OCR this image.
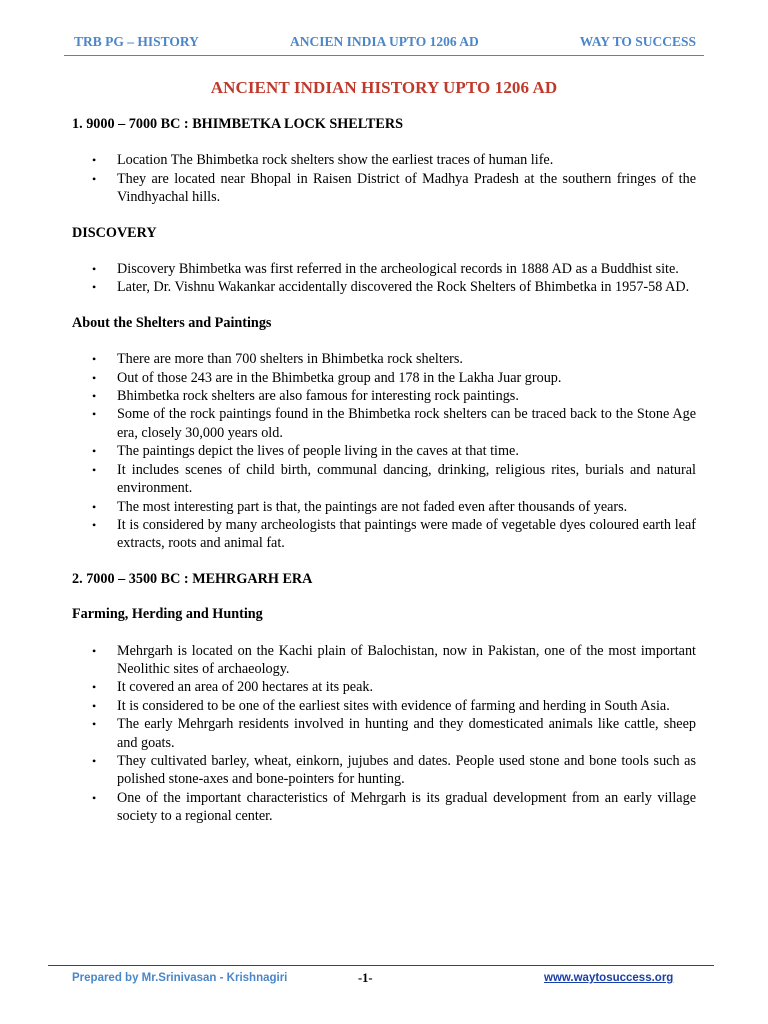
TRB PG – HISTORY	ANCIEN INDIA UPTO 1206 AD	WAY TO SUCCESS
ANCIENT INDIAN HISTORY UPTO 1206 AD

1. 9000 – 7000 BC : BHIMBETKA LOCK SHELTERS

• Location The Bhimbetka rock shelters show the earliest traces of human life.
• They are located near Bhopal in Raisen District of Madhya Pradesh at the southern fringes of the Vindhyachal hills.

DISCOVERY

• Discovery Bhimbetka was first referred in the archeological records in 1888 AD as a Buddhist site.
• Later, Dr. Vishnu Wakankar accidentally discovered the Rock Shelters of Bhimbetka in 1957-58 AD.

About the Shelters and Paintings

• There are more than 700 shelters in Bhimbetka rock shelters.
• Out of those 243 are in the Bhimbetka group and 178 in the Lakha Juar group.
• Bhimbetka rock shelters are also famous for interesting rock paintings.
• Some of the rock paintings found in the Bhimbetka rock shelters can be traced back to the Stone Age era, closely 30,000 years old.
• The paintings depict the lives of people living in the caves at that time.
• It includes scenes of child birth, communal dancing, drinking, religious rites, burials and natural environment.
• The most interesting part is that, the paintings are not faded even after thousands of years.
• It is considered by many archeologists that paintings were made of vegetable dyes coloured earth leaf extracts, roots and animal fat.

2. 7000 – 3500 BC : MEHRGARH ERA

Farming, Herding and Hunting

• Mehrgarh is located on the Kachi plain of Balochistan, now in Pakistan, one of the most important Neolithic sites of archaeology.
• It covered an area of 200 hectares at its peak.
• It is considered to be one of the earliest sites with evidence of farming and herding in South Asia.
• The early Mehrgarh residents involved in hunting and they domesticated animals like cattle, sheep and goats.
• They cultivated barley, wheat, einkorn, jujubes and dates. People used stone and bone tools such as polished stone-axes and bone-pointers for hunting.
• One of the important characteristics of Mehrgarh is its gradual development from an early village society to a regional center.
Prepared by Mr.Srinivasan - Krishnagiri	-1-	www.waytosuccess.org
